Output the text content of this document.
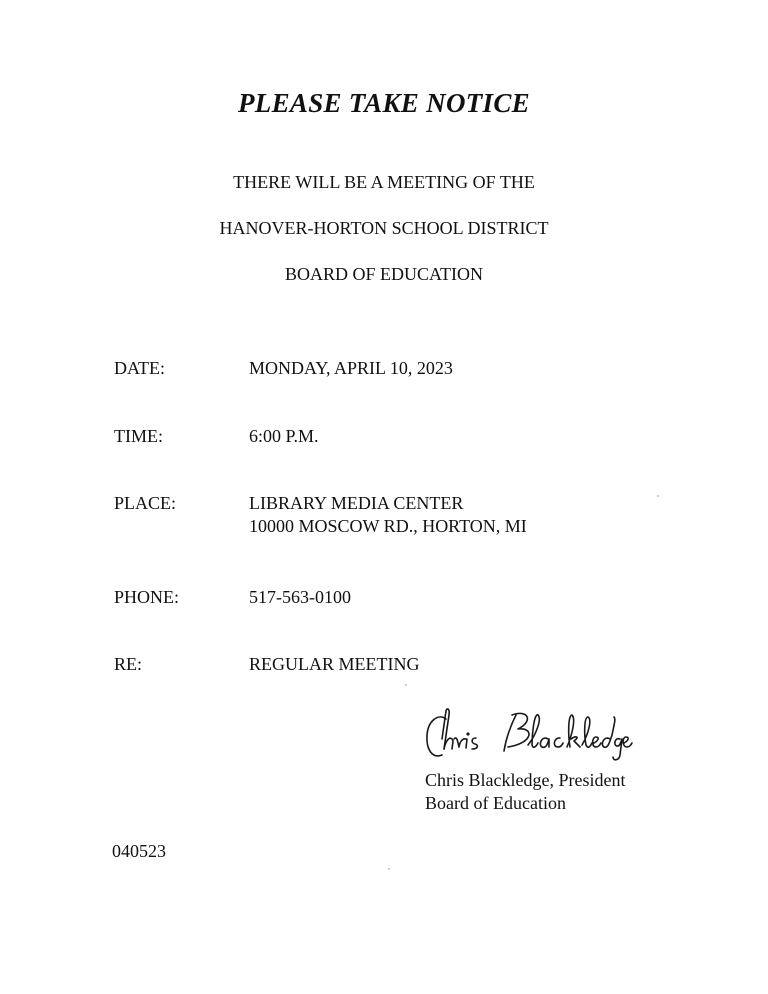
PLEASE TAKE NOTICE

THERE WILL BE A MEETING OF THE

HANOVER-HORTON SCHOOL DISTRICT

BOARD OF EDUCATION

DATE:	MONDAY, APRIL 10, 2023
TIME:	6:00 P.M.
PLACE:	LIBRARY MEDIA CENTER
10000 MOSCOW RD., HORTON, MI
PHONE:	517-563-0100
RE:	REGULAR MEETING
Chris Blackledge, President
Board of Education
040523
